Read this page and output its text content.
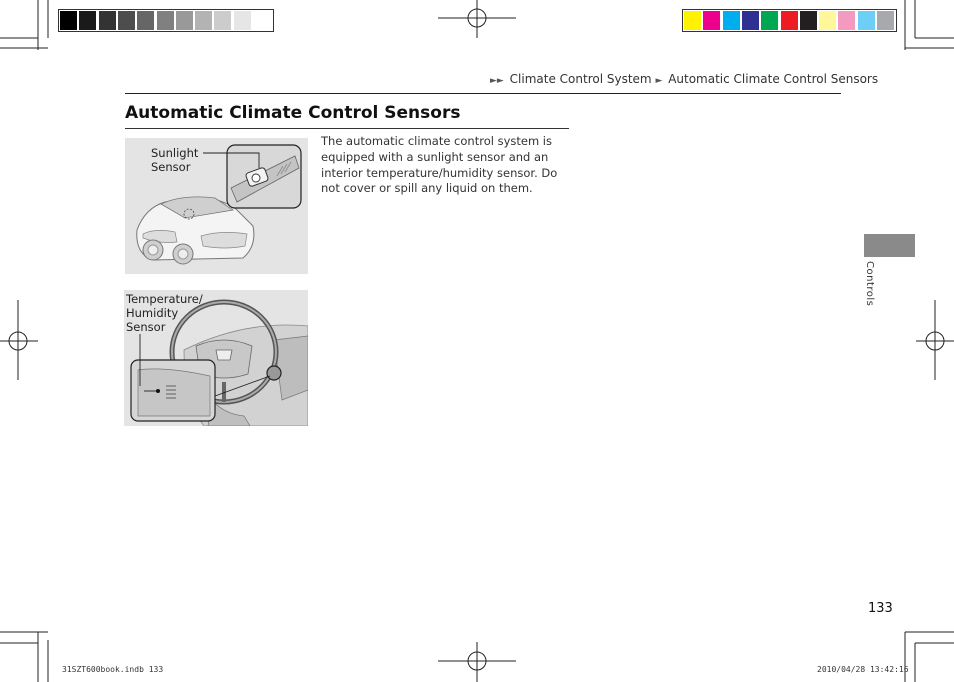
►► Climate Control System ► Automatic Climate Control Sensors
Automatic Climate Control Sensors
Sunlight
Sensor
The automatic climate control system is equipped with a sunlight sensor and an interior temperature/humidity sensor. Do not cover or spill any liquid on them.
Temperature/
Humidity
Sensor
Controls
133
31SZT600book.indb 133	2010/04/28 13:42:16
